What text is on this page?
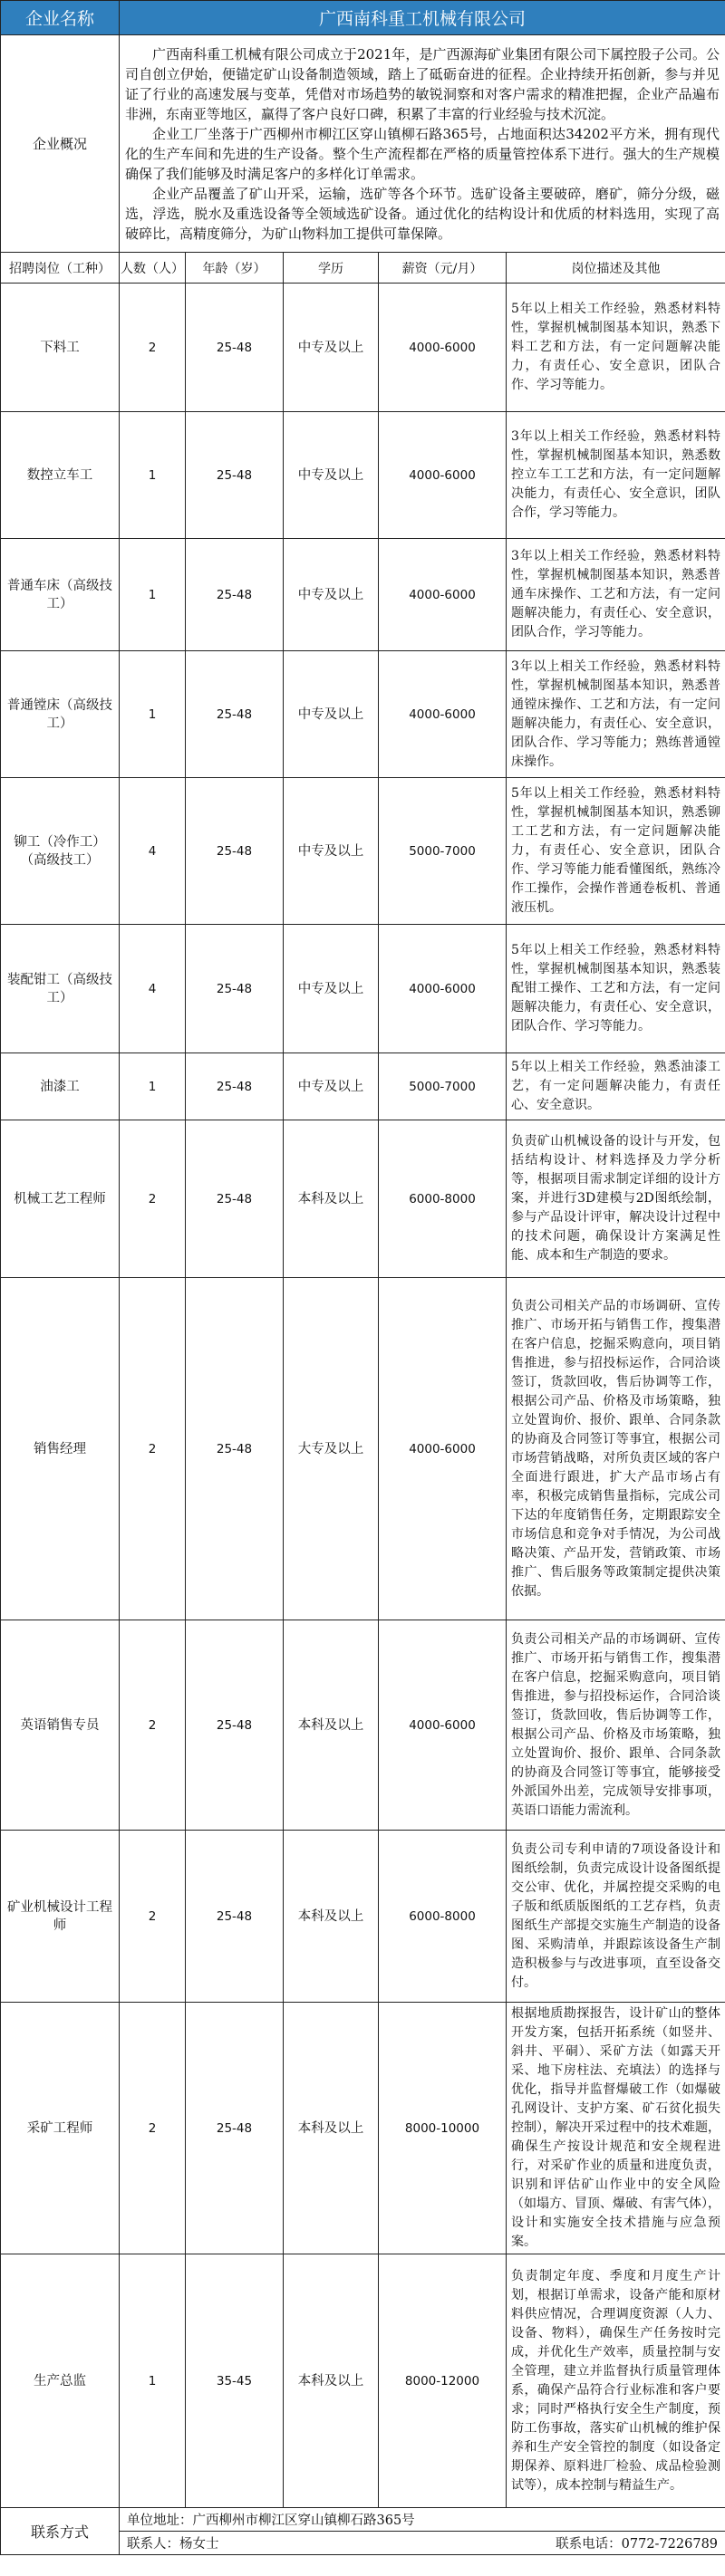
企业名称	广西南科重工机械有限公司				
企业概况	广西南科重工机械有限公司成立于2021年，是广西源海矿业集团有限公司下属控股子公司。公司自创立伊始，便锚定矿山设备制造领域，踏上了砥砺奋进的征程。企业持续开拓创新，参与并见证了行业的高速发展与变革，凭借对市场趋势的敏锐洞察和对客户需求的精准把握，企业产品遍布非洲，东南亚等地区，赢得了客户良好口碑，积累了丰富的行业经验与技术沉淀。

企业工厂坐落于广西柳州市柳江区穿山镇柳石路365号，占地面积达34202平方米，拥有现代化的生产车间和先进的生产设备。整个生产流程都在严格的质量管控体系下进行。强大的生产规模确保了我们能够及时满足客户的多样化订单需求。

企业产品覆盖了矿山开采，运输，选矿等各个环节。选矿设备主要破碎，磨矿，筛分分级，磁选，浮选，脱水及重选设备等全领域选矿设备。通过优化的结构设计和优质的材料选用，实现了高破碎比，高精度筛分，为矿山物料加工提供可靠保障。				

招聘岗位（工种）	人数（人）	年龄（岁）	学历	薪资（元/月）	岗位描述及其他
下料工	2	25-48	中专及以上	4000-6000	5年以上相关工作经验，熟悉材料特性，掌握机械制图基本知识，熟悉下料工艺和方法，有一定问题解决能力，有责任心、安全意识，团队合作、学习等能力。
数控立车工	1	25-48	中专及以上	4000-6000	3年以上相关工作经验，熟悉材料特性，掌握机械制图基本知识，熟悉数控立车工工艺和方法，有一定问题解决能力，有责任心、安全意识，团队合作，学习等能力。
普通车床（高级技工）	1	25-48	中专及以上	4000-6000	3年以上相关工作经验，熟悉材料特性，掌握机械制图基本知识，熟悉普通车床操作、工艺和方法，有一定问题解决能力，有责任心、安全意识，团队合作，学习等能力。
普通镗床（高级技工）	1	25-48	中专及以上	4000-6000	3年以上相关工作经验，熟悉材料特性，掌握机械制图基本知识，熟悉普通镗床操作、工艺和方法，有一定问题解决能力，有责任心、安全意识，团队合作、学习等能力；熟练普通镗床操作。
铆工（冷作工）（高级技工）	4	25-48	中专及以上	5000-7000	5年以上相关工作经验，熟悉材料特性，掌握机械制图基本知识，熟悉铆工工艺和方法，有一定问题解决能力，有责任心、安全意识，团队合作、学习等能力能看懂图纸，熟练冷作工操作，会操作普通卷板机、普通液压机。
装配钳工（高级技工）	4	25-48	中专及以上	4000-6000	5年以上相关工作经验，熟悉材料特性，掌握机械制图基本知识，熟悉装配钳工操作、工艺和方法，有一定问题解决能力，有责任心、安全意识，团队合作、学习等能力。
油漆工	1	25-48	中专及以上	5000-7000	5年以上相关工作经验，熟悉油漆工艺，有一定问题解决能力，有责任心、安全意识。
机械工艺工程师	2	25-48	本科及以上	6000-8000	负责矿山机械设备的设计与开发，包括结构设计、材料选择及力学分析等，根据项目需求制定详细的设计方案，并进行3D建模与2D图纸绘制，参与产品设计评审，解决设计过程中的技术问题，确保设计方案满足性能、成本和生产制造的要求。
销售经理	2	25-48	大专及以上	4000-6000	负责公司相关产品的市场调研、宣传推广、市场开拓与销售工作，搜集潜在客户信息，挖掘采购意向，项目销售推进，参与招投标运作，合同洽谈签订，货款回收，售后协调等工作，根据公司产品、价格及市场策略，独立处置询价、报价、跟单、合同条款的协商及合同签订等事宜，根据公司市场营销战略，对所负责区域的客户全面进行跟进，扩大产品市场占有率，积极完成销售量指标，完成公司下达的年度销售任务，定期跟踪安全市场信息和竞争对手情况，为公司战略决策、产品开发，营销政策、市场推广、售后服务等政策制定提供决策依据。
英语销售专员	2	25-48	本科及以上	4000-6000	负责公司相关产品的市场调研、宣传推广、市场开拓与销售工作，搜集潜在客户信息，挖掘采购意向，项目销售推进，参与招投标运作，合同洽谈签订，货款回收，售后协调等工作，根据公司产品、价格及市场策略，独立处置询价、报价、跟单、合同条款的协商及合同签订等事宜，能够接受外派国外出差，完成领导安排事项，英语口语能力需流利。
矿业机械设计工程师	2	25-48	本科及以上	6000-8000	负责公司专利申请的7项设备设计和图纸绘制，负责完成设计设备图纸提交公审、优化，并属控提交采购的电子版和纸质版图纸的工艺存档，负责图纸生产部提交实施生产制造的设备图、采购清单，并跟踪该设备生产制造积极参与与改进事项，直至设备交付。
采矿工程师	2	25-48	本科及以上	8000-10000	根据地质勘探报告，设计矿山的整体开发方案，包括开拓系统（如竖井、斜井、平硐）、采矿方法（如露天开采、地下房柱法、充填法）的选择与优化，指导并监督爆破工作（如爆破孔网设计、支护方案、矿石贫化损失控制），解决开采过程中的技术难题，确保生产按设计规范和安全规程进行，对采矿作业的质量和进度负责，识别和评估矿山作业中的安全风险（如塌方、冒顶、爆破、有害气体），设计和实施安全技术措施与应急预案。
生产总监	1	35-45	本科及以上	8000-12000	负责制定年度、季度和月度生产计划，根据订单需求，设备产能和原材料供应情况，合理调度资源（人力、设备、物料），确保生产任务按时完成，并优化生产效率，质量控制与安全管理，建立并监督执行质量管理体系，确保产品符合行业标准和客户要求；同时严格执行安全生产制度，预防工伤事故，落实矿山机械的维护保养和生产安全管控的制度（如设备定期保养、原料进厂检验、成品检验测试等），成本控制与精益生产。
联系方式	单位地址：广西柳州市柳江区穿山镇柳石路365号				

	联系人：杨女士 联系电话：0772-7226789				
